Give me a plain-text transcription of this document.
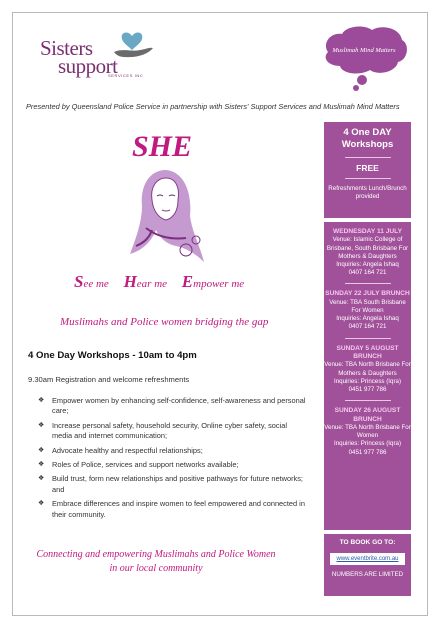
Sisters
support
SERVICES INC
Muslimah Mind Matters
Presented by Queensland Police Service in partnership with Sisters' Support Services and Muslimah Mind Matters
SHE
See me Hear me Empower me
Muslimahs and Police women bridging the gap
4 One Day Workshops - 10am to 4pm
9.30am Registration and welcome refreshments
❖ Empower women by enhancing self-confidence, self-awareness and personal care;
❖ Increase personal safety, household security, Online cyber safety, social media and internet communication;
❖ Advocate healthy and respectful relationships;
❖ Roles of Police, services and support networks available;
❖ Build trust, form new relationships and positive pathways for future networks; and
❖ Embrace differences and inspire women to feel empowered and connected in their community.
Connecting and empowering Muslimahs and Police Women in our local community
4 One DAY Workshops
FREE
Refreshments Lunch/Brunch provided
WEDNESDAY 11 JULY
Venue: Islamic College of Brisbane, South Brisbane For Mothers & Daughters
Inquiries: Angela Ishaq
0407 164 721
SUNDAY 22 JULY BRUNCH
Venue: TBA South Brisbane For Women
Inquiries: Angela Ishaq
0407 164 721
SUNDAY 5 AUGUST BRUNCH
Venue: TBA North Brisbane For Mothers & Daughters
Inquiries: Princess (Iqra)
0451 977 786
SUNDAY 26 AUGUST BRUNCH
Venue: TBA North Brisbane For Women
Inquiries: Princess (Iqra)
0451 977 786
TO BOOK GO TO:
www.eventbrite.com.au
NUMBERS ARE LIMITED
